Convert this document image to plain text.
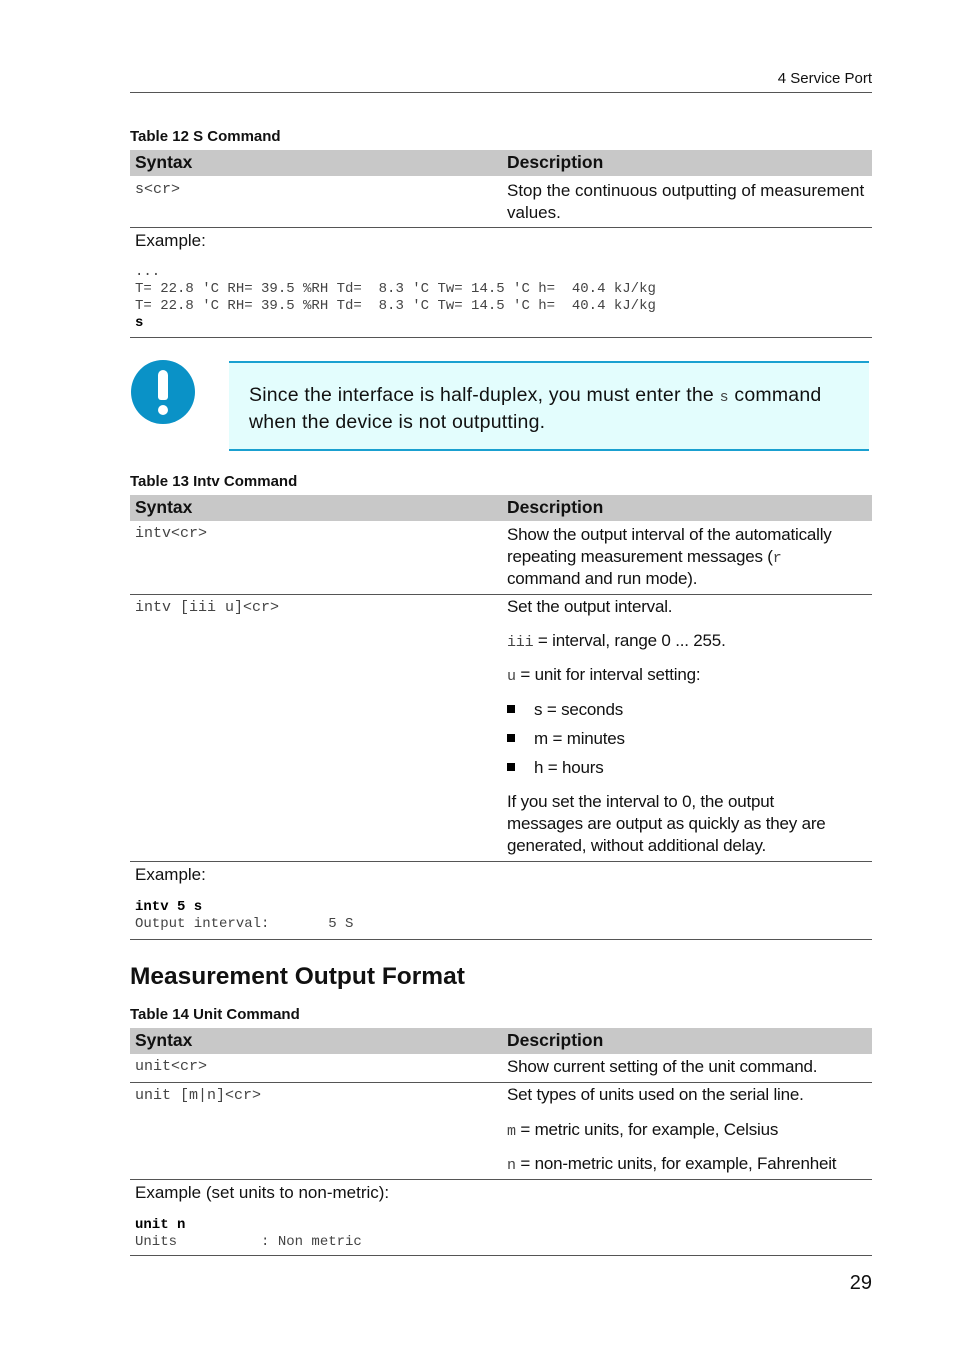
4 Service Port
Table 12 S Command
Syntax	Description
s<cr>	Stop the continuous outputting of measurement values.
Example:
...
T= 22.8 'C RH= 39.5 %RH Td=  8.3 'C Tw= 14.5 'C h=  40.4 kJ/kg
T= 22.8 'C RH= 39.5 %RH Td=  8.3 'C Tw= 14.5 'C h=  40.4 kJ/kg
s
Since the interface is half-duplex, you must enter the s command when the device is not outputting.
Table 13 Intv Command
Syntax	Description
intv<cr>	Show the output interval of the automatically
repeating measurement messages (r
command and run mode).
intv [iii u]<cr>	Set the output interval.
iii = interval, range 0 ... 255.
u = unit for interval setting:
s = seconds
m = minutes
h = hours
If you set the interval to 0, the output
messages are output as quickly as they are
generated, without additional delay.
Example:
intv 5 s
Output interval:       5 S
Measurement Output Format
Table 14 Unit Command
Syntax	Description
unit<cr>	Show current setting of the unit command.
unit [m|n]<cr>	Set types of units used on the serial line.
m = metric units, for example, Celsius
n = non-metric units, for example, Fahrenheit
Example (set units to non-metric):
unit n
Units          : Non metric
29
